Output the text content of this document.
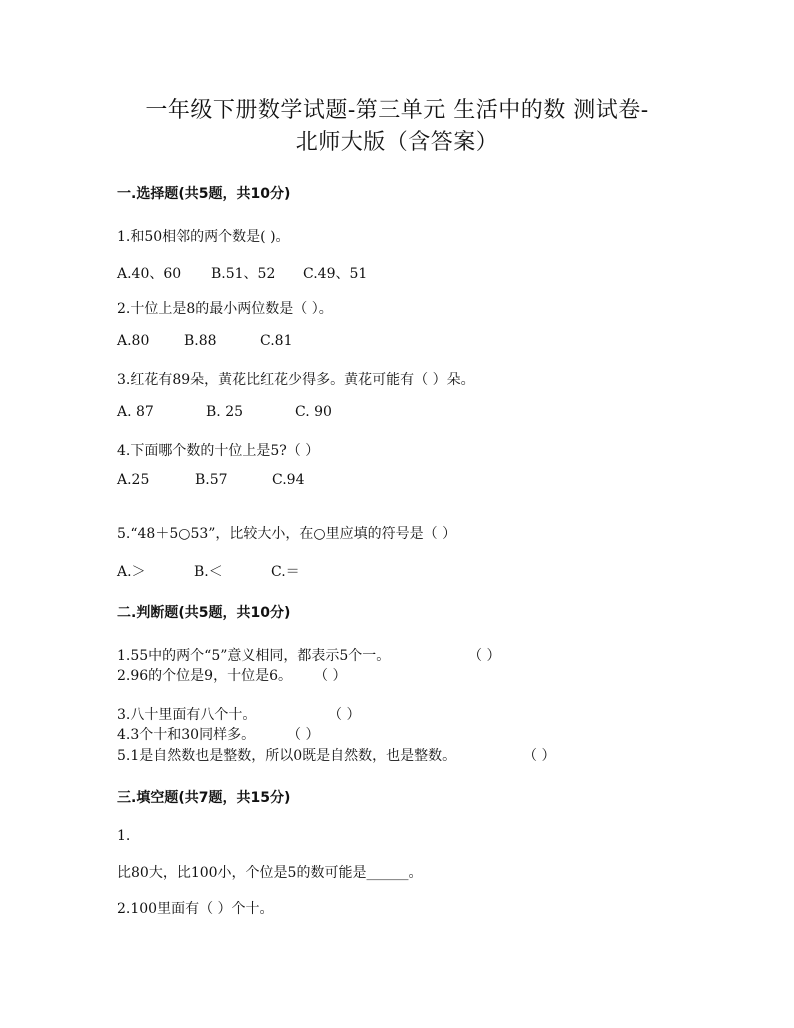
一年级下册数学试题-第三单元 生活中的数 测试卷-
北师大版（含答案）
一.选择题(共5题，共10分)
1.和50相邻的两个数是( )。
A.40、60 B.51、52 C.49、51
2.十位上是8的最小两位数是（ ）。
A.80 B.88	C.81
3.红花有89朵，黄花比红花少得多。黄花可能有（ ）朵。
A. 87	B. 25	C. 90
4.下面哪个数的十位上是5?（ ）
A.25	B.57	C.94
5.“48＋5○53”，比较大小，在○里应填的符号是（ ）
A.＞	B.＜	C.＝
二.判断题(共5题，共10分)
1.55中的两个“5”意义相同，都表示5个一。	（ ）
2.96的个位是9，十位是6。 （ ）
3.八十里面有八个十。	（ ）
4.3个十和30同样多。 （ ）
5.1是自然数也是整数，所以0既是自然数，也是整数。	（ ）
三.填空题(共7题，共15分)
1.
比80大，比100小，个位是5的数可能是______。
2.100里面有（ ）个十。
